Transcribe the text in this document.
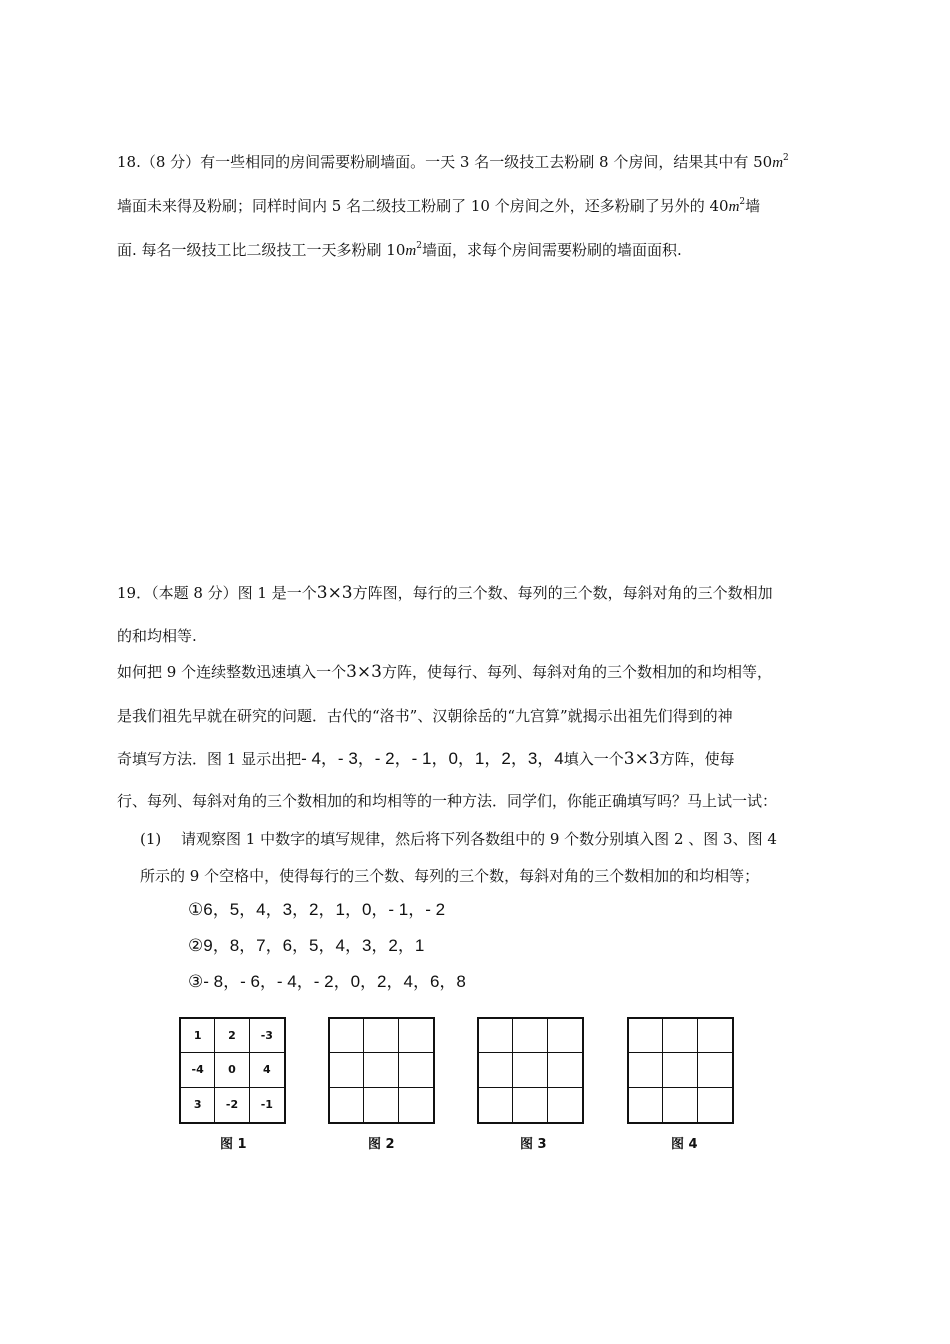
18.（8 分）有一些相同的房间需要粉刷墙面。一天 3 名一级技工去粉刷 8 个房间，结果其中有 $50m^2$
墙面未来得及粉刷；同样时间内 5 名二级技工粉刷了 10 个房间之外，还多粉刷了另外的 $40m^2$墙
面. 每名一级技工比二级技工一天多粉刷 $10m^2$墙面，求每个房间需要粉刷的墙面面积.
19．（本题 8 分）图 1 是一个3×3方阵图，每行的三个数、每列的三个数，每斜对角的三个数相加
的和均相等.
如何把 9 个连续整数迅速填入一个3×3方阵，使每行、每列、每斜对角的三个数相加的和均相等，
是我们祖先早就在研究的问题．古代的“洛书”、汉朝徐岳的“九宫算”就揭示出祖先们得到的神
奇填写方法．图 1 显示出把- 4，- 3，- 2，- 1，0，1，2，3，4填入一个3×3方阵，使每
行、每列、每斜对角的三个数相加的和均相等的一种方法．同学们，你能正确填写吗？马上试一试：
(1)　 请观察图 1 中数字的填写规律，然后将下列各数组中的 9 个数分别填入图 2 、图 3、图 4
所示的 9 个空格中，使得每行的三个数、每列的三个数，每斜对角的三个数相加的和均相等；
①6，5，4，3，2，1，0，- 1，- 2
②9，8，7，6，5，4，3，2，1
③- 8，- 6，- 4，- 2，0，2，4，6，8
1	2	-3
-4	0	4
3	-2	-1
图 1	图 2	图 3	图 4
